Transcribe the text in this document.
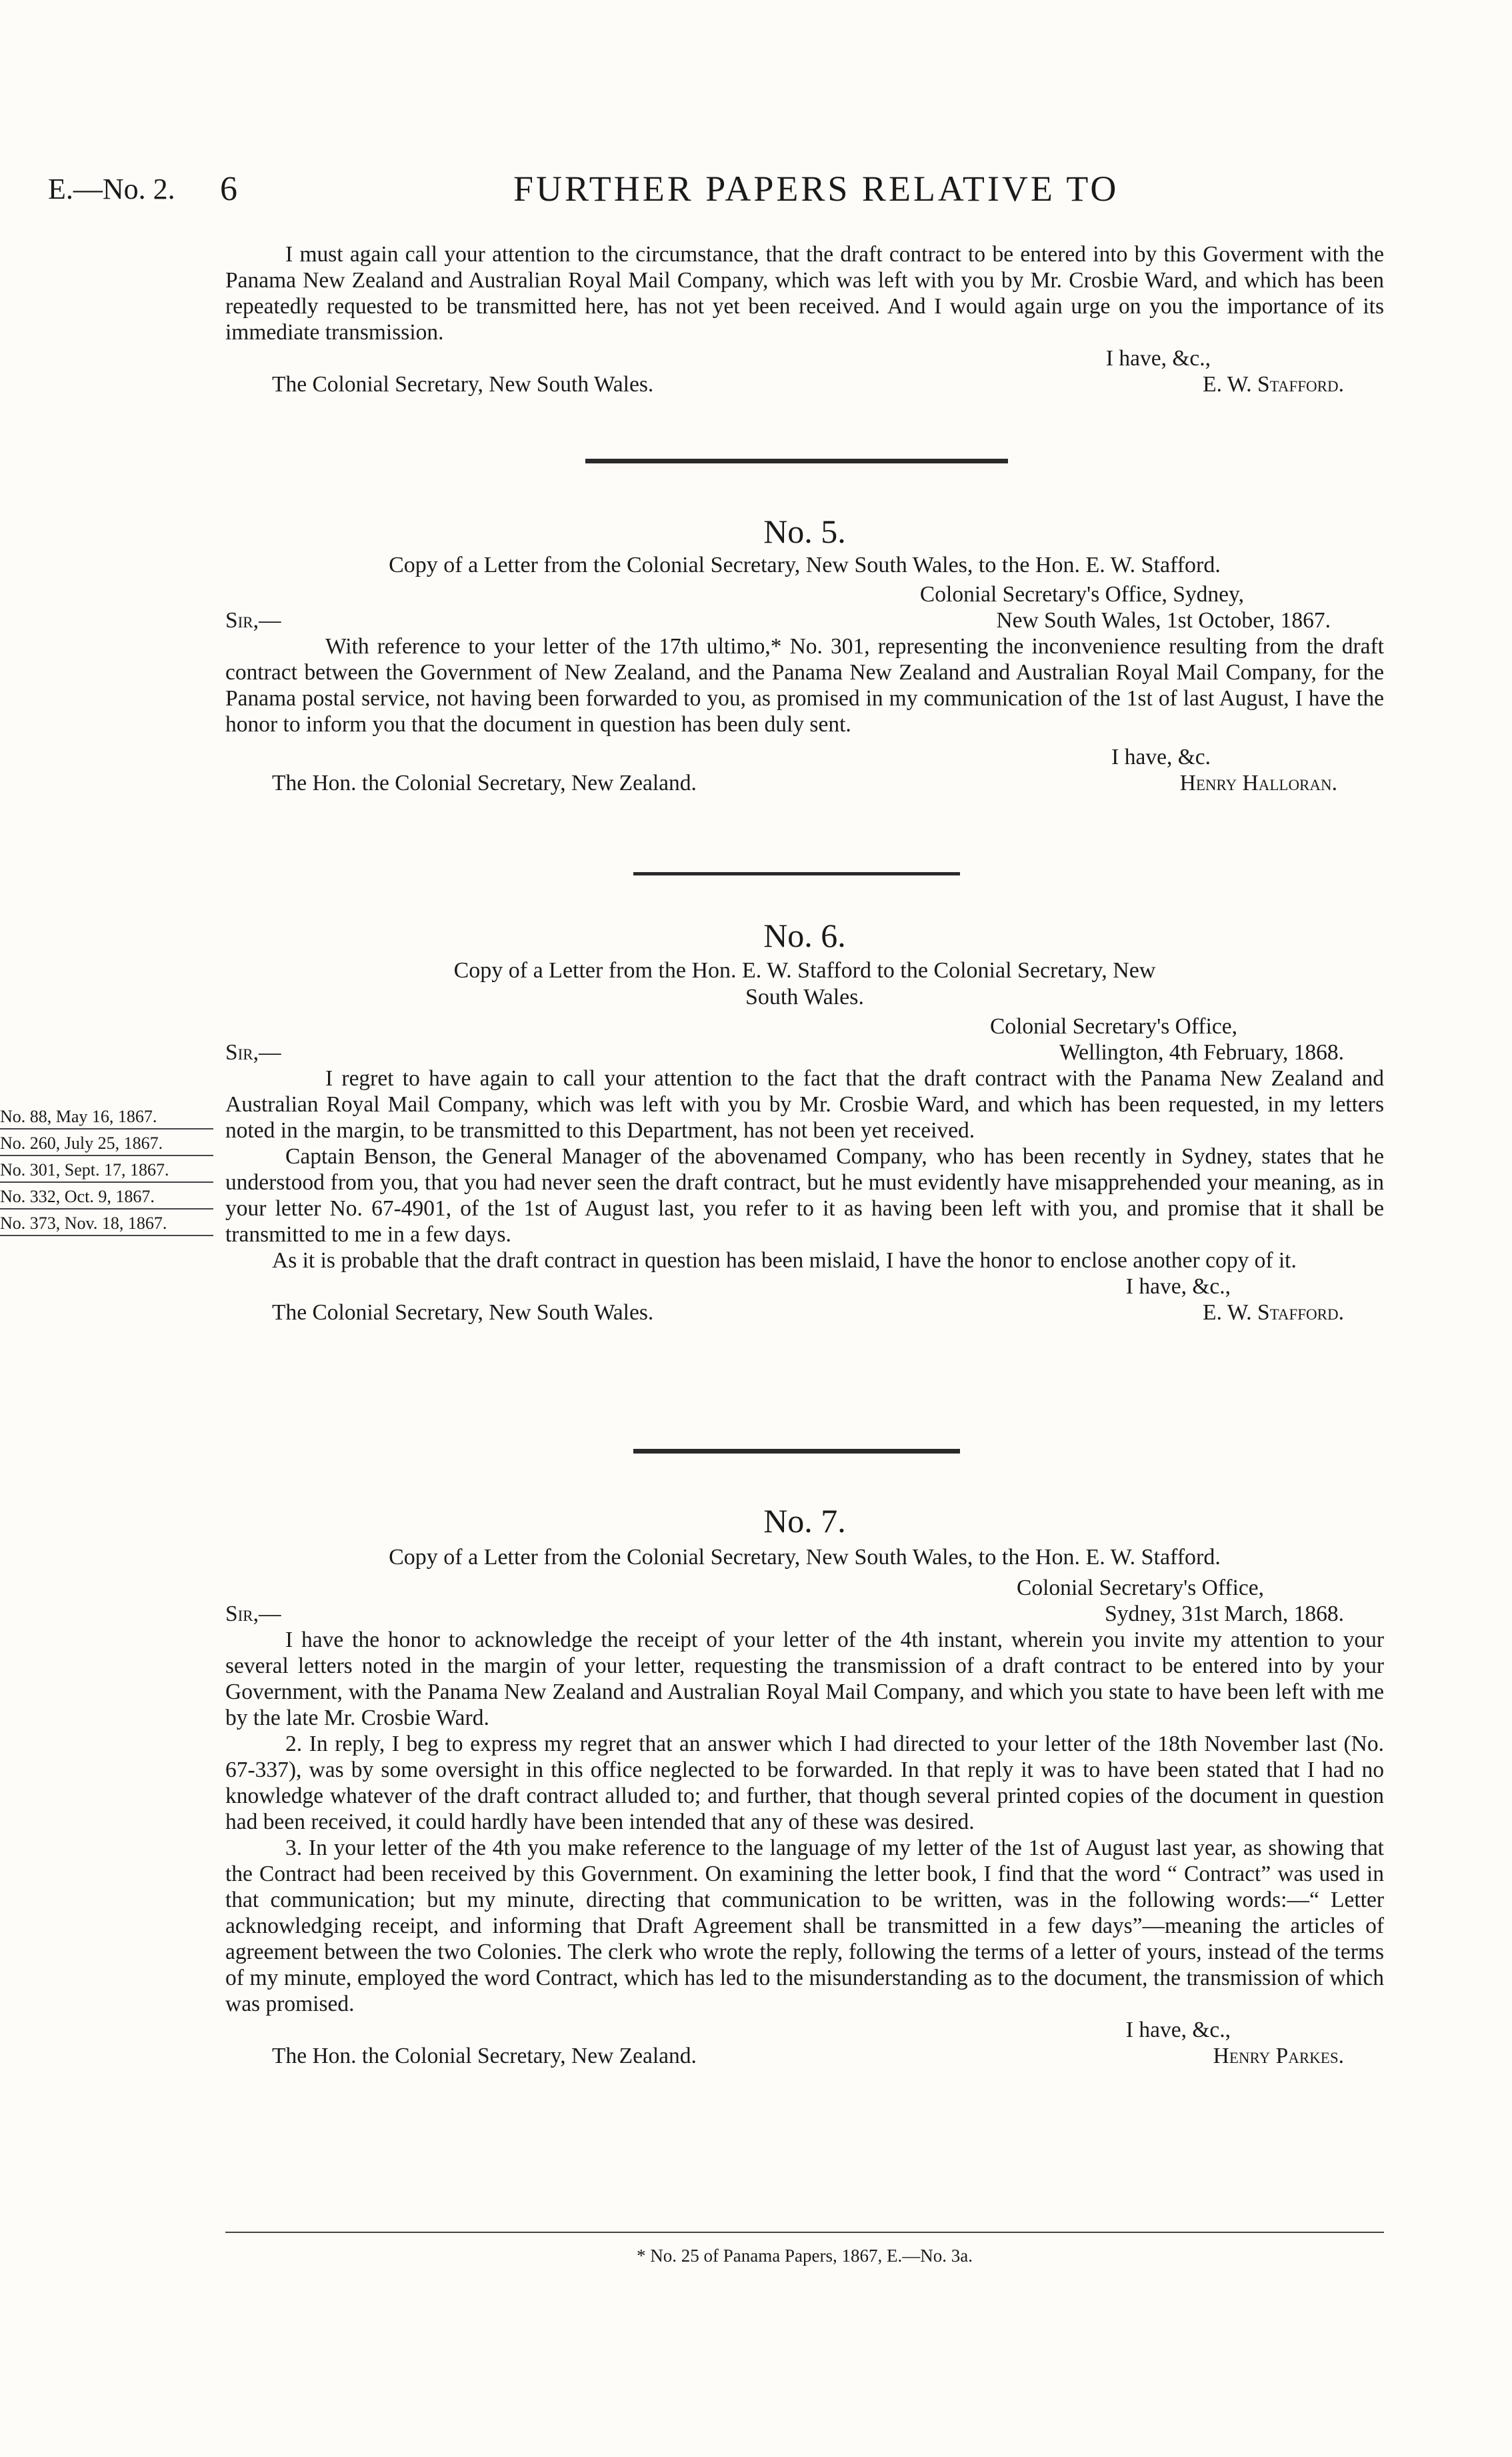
E.—No. 2. 6	FURTHER PAPERS RELATIVE TO

I must again call your attention to the circumstance, that the draft contract to be entered into by this Goverment with the Panama New Zealand and Australian Royal Mail Company, which was left with you by Mr. Crosbie Ward, and which has been repeatedly requested to be transmitted here, has not yet been received. And I would again urge on you the importance of its immediate transmission.

I have, &c.,
The Colonial Secretary, New South Wales.	E. W. Stafford.
No. 5.
Copy of a Letter from the Colonial Secretary, New South Wales, to the Hon. E. W. Stafford.
Colonial Secretary's Office, Sydney,
Sir,—	New South Wales, 1st October, 1867.

With reference to your letter of the 17th ultimo,* No. 301, representing the inconvenience resulting from the draft contract between the Government of New Zealand, and the Panama New Zealand and Australian Royal Mail Company, for the Panama postal service, not having been forwarded to you, as promised in my communication of the 1st of last August, I have the honor to inform you that the document in question has been duly sent.

I have, &c.
The Hon. the Colonial Secretary, New Zealand.	Henry Halloran.
No. 6.
Copy of a Letter from the Hon. E. W. Stafford to the Colonial Secretary, New
South Wales.
Colonial Secretary's Office,
Sir,—	Wellington, 4th February, 1868.

I regret to have again to call your attention to the fact that the draft contract with the Panama New Zealand and Australian Royal Mail Company, which was left with you by Mr. Crosbie Ward, and which has been requested, in my letters noted in the margin, to be transmitted to this Department, has not been yet received.

Captain Benson, the General Manager of the abovenamed Company, who has been recently in Sydney, states that he understood from you, that you had never seen the draft contract, but he must evidently have misapprehended your meaning, as in your letter No. 67-4901, of the 1st of August last, you refer to it as having been left with you, and promise that it shall be transmitted to me in a few days.

As it is probable that the draft contract in question has been mislaid, I have the honor to enclose another copy of it.

I have, &c.,
The Colonial Secretary, New South Wales.	E. W. Stafford.
No. 88, May 16, 1867.
No. 260, July 25, 1867.
No. 301, Sept. 17, 1867.
No. 332, Oct. 9, 1867.
No. 373, Nov. 18, 1867.
No. 7.
Copy of a Letter from the Colonial Secretary, New South Wales, to the Hon. E. W. Stafford.
Colonial Secretary's Office,
Sir,—	Sydney, 31st March, 1868.

I have the honor to acknowledge the receipt of your letter of the 4th instant, wherein you invite my attention to your several letters noted in the margin of your letter, requesting the transmission of a draft contract to be entered into by your Government, with the Panama New Zealand and Australian Royal Mail Company, and which you state to have been left with me by the late Mr. Crosbie Ward.

2. In reply, I beg to express my regret that an answer which I had directed to your letter of the 18th November last (No. 67-337), was by some oversight in this office neglected to be forwarded. In that reply it was to have been stated that I had no knowledge whatever of the draft contract alluded to; and further, that though several printed copies of the document in question had been received, it could hardly have been intended that any of these was desired.

3. In your letter of the 4th you make reference to the language of my letter of the 1st of August last year, as showing that the Contract had been received by this Government. On examining the letter book, I find that the word “ Contract” was used in that communication; but my minute, directing that communication to be written, was in the following words:—“ Letter acknowledging receipt, and informing that Draft Agreement shall be transmitted in a few days”—meaning the articles of agreement between the two Colonies. The clerk who wrote the reply, following the terms of a letter of yours, instead of the terms of my minute, employed the word Contract, which has led to the misunderstanding as to the document, the transmission of which was promised.

I have, &c.,
The Hon. the Colonial Secretary, New Zealand.	Henry Parkes.
* No. 25 of Panama Papers, 1867, E.—No. 3a.
